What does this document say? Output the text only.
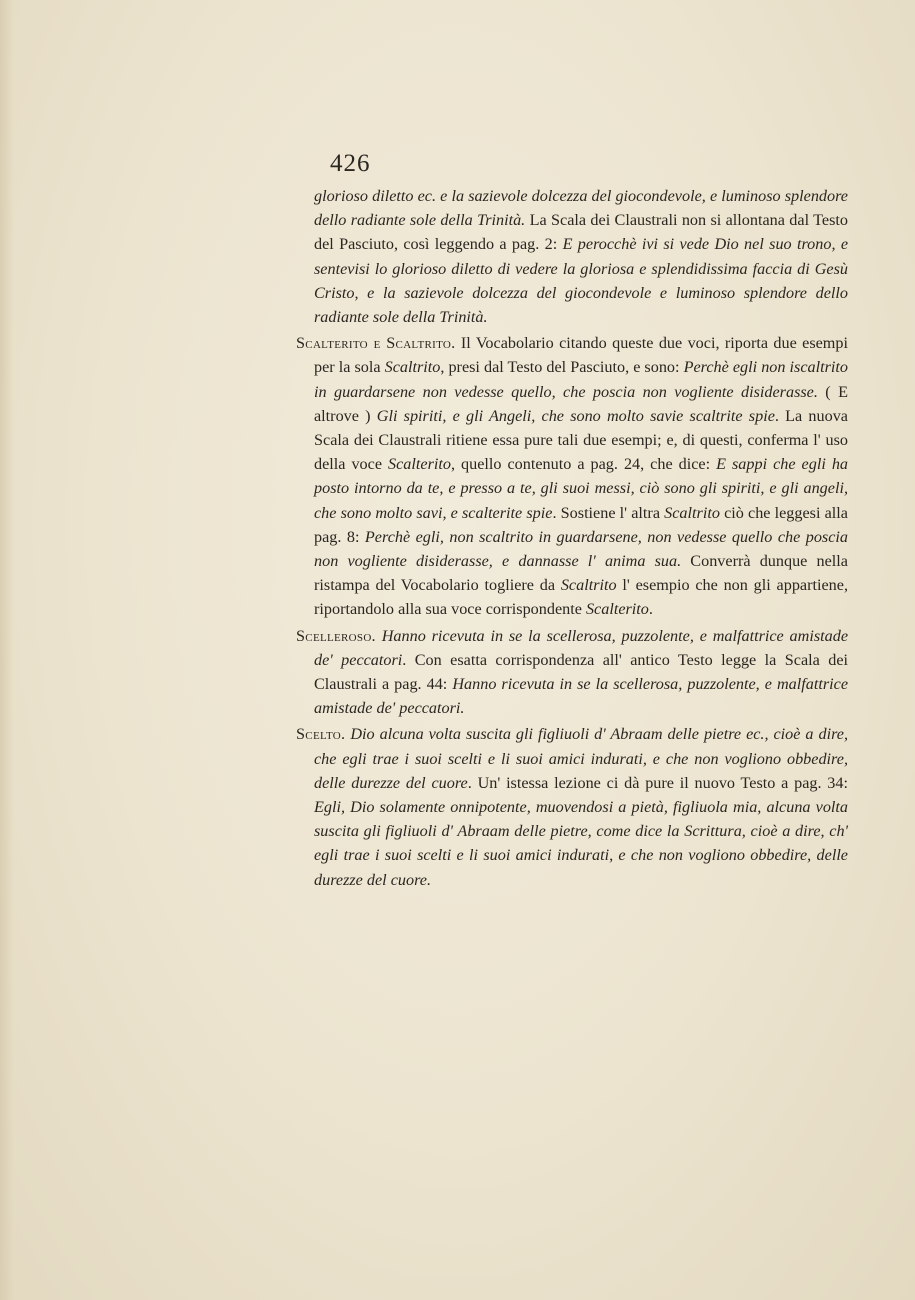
426

glorioso diletto ec. e la sazievole dolcezza del giocondevole, e luminoso splendore dello radiante sole della Trinità. La Scala dei Claustrali non si allontana dal Testo del Pasciuto, così leggendo a pag. 2: E perocchè ivi si vede Dio nel suo trono, e sentevisi lo glorioso diletto di vedere la gloriosa e splendidissima faccia di Gesù Cristo, e la sazievole dolcezza del giocondevole e luminoso splendore dello radiante sole della Trinità.

Scalterito e Scaltrito. Il Vocabolario citando queste due voci, riporta due esempi per la sola Scaltrito, presi dal Testo del Pasciuto, e sono: Perchè egli non iscaltrito in guardarsene non vedesse quello, che poscia non vogliente disiderasse. ( E altrove ) Gli spiriti, e gli Angeli, che sono molto savie scaltrite spie. La nuova Scala dei Claustrali ritiene essa pure tali due esempi; e, di questi, conferma l' uso della voce Scalterito, quello contenuto a pag. 24, che dice: E sappi che egli ha posto intorno da te, e presso a te, gli suoi messi, ciò sono gli spiriti, e gli angeli, che sono molto savi, e scalterite spie. Sostiene l' altra Scaltrito ciò che leggesi alla pag. 8: Perchè egli, non scaltrito in guardarsene, non vedesse quello che poscia non vogliente disiderasse, e dannasse l' anima sua. Converrà dunque nella ristampa del Vocabolario togliere da Scaltrito l' esempio che non gli appartiene, riportandolo alla sua voce corrispondente Scalterito.

Scelleroso. Hanno ricevuta in se la scellerosa, puzzolente, e malfattrice amistade de' peccatori. Con esatta corrispondenza all' antico Testo legge la Scala dei Claustrali a pag. 44: Hanno ricevuta in se la scellerosa, puzzolente, e malfattrice amistade de' peccatori.

Scelto. Dio alcuna volta suscita gli figliuoli d' Abraam delle pietre ec., cioè a dire, che egli trae i suoi scelti e li suoi amici indurati, e che non vogliono obbedire, delle durezze del cuore. Un' istessa lezione ci dà pure il nuovo Testo a pag. 34: Egli, Dio solamente onnipotente, muovendosi a pietà, figliuola mia, alcuna volta suscita gli figliuoli d' Abraam delle pietre, come dice la Scrittura, cioè a dire, ch' egli trae i suoi scelti e li suoi amici indurati, e che non vogliono obbedire, delle durezze del cuore.
